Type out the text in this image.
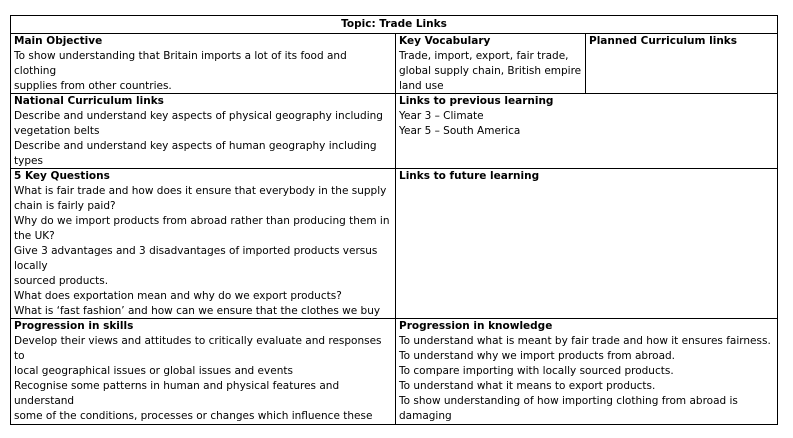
Topic: Trade Links
Main Objective
To show understanding that Britain imports a lot of its food and clothing
supplies from other countries.
Key Vocabulary
Trade, import, export, fair trade,
global supply chain, British empire
land use
Planned Curriculum links
National Curriculum links
Describe and understand key aspects of physical geography including
vegetation belts
Describe and understand key aspects of human geography including types
Links to previous learning
Year 3 – Climate
Year 5 – South America
5 Key Questions
What is fair trade and how does it ensure that everybody in the supply
chain is fairly paid?
Why do we import products from abroad rather than producing them in
the UK?
Give 3 advantages and 3 disadvantages of imported products versus locally
sourced products.
What does exportation mean and why do we export products?
What is ‘fast fashion’ and how can we ensure that the clothes we buy
Links to future learning
Progression in skills
Develop their views and attitudes to critically evaluate and responses to
local geographical issues or global issues and events
Recognise some patterns in human and physical features and understand
some of the conditions, processes or changes which influence these
Progression in knowledge
To understand what is meant by fair trade and how it ensures fairness.
To understand why we import products from abroad.
To compare importing with locally sourced products.
To understand what it means to export products.
To show understanding of how importing clothing from abroad is damaging
